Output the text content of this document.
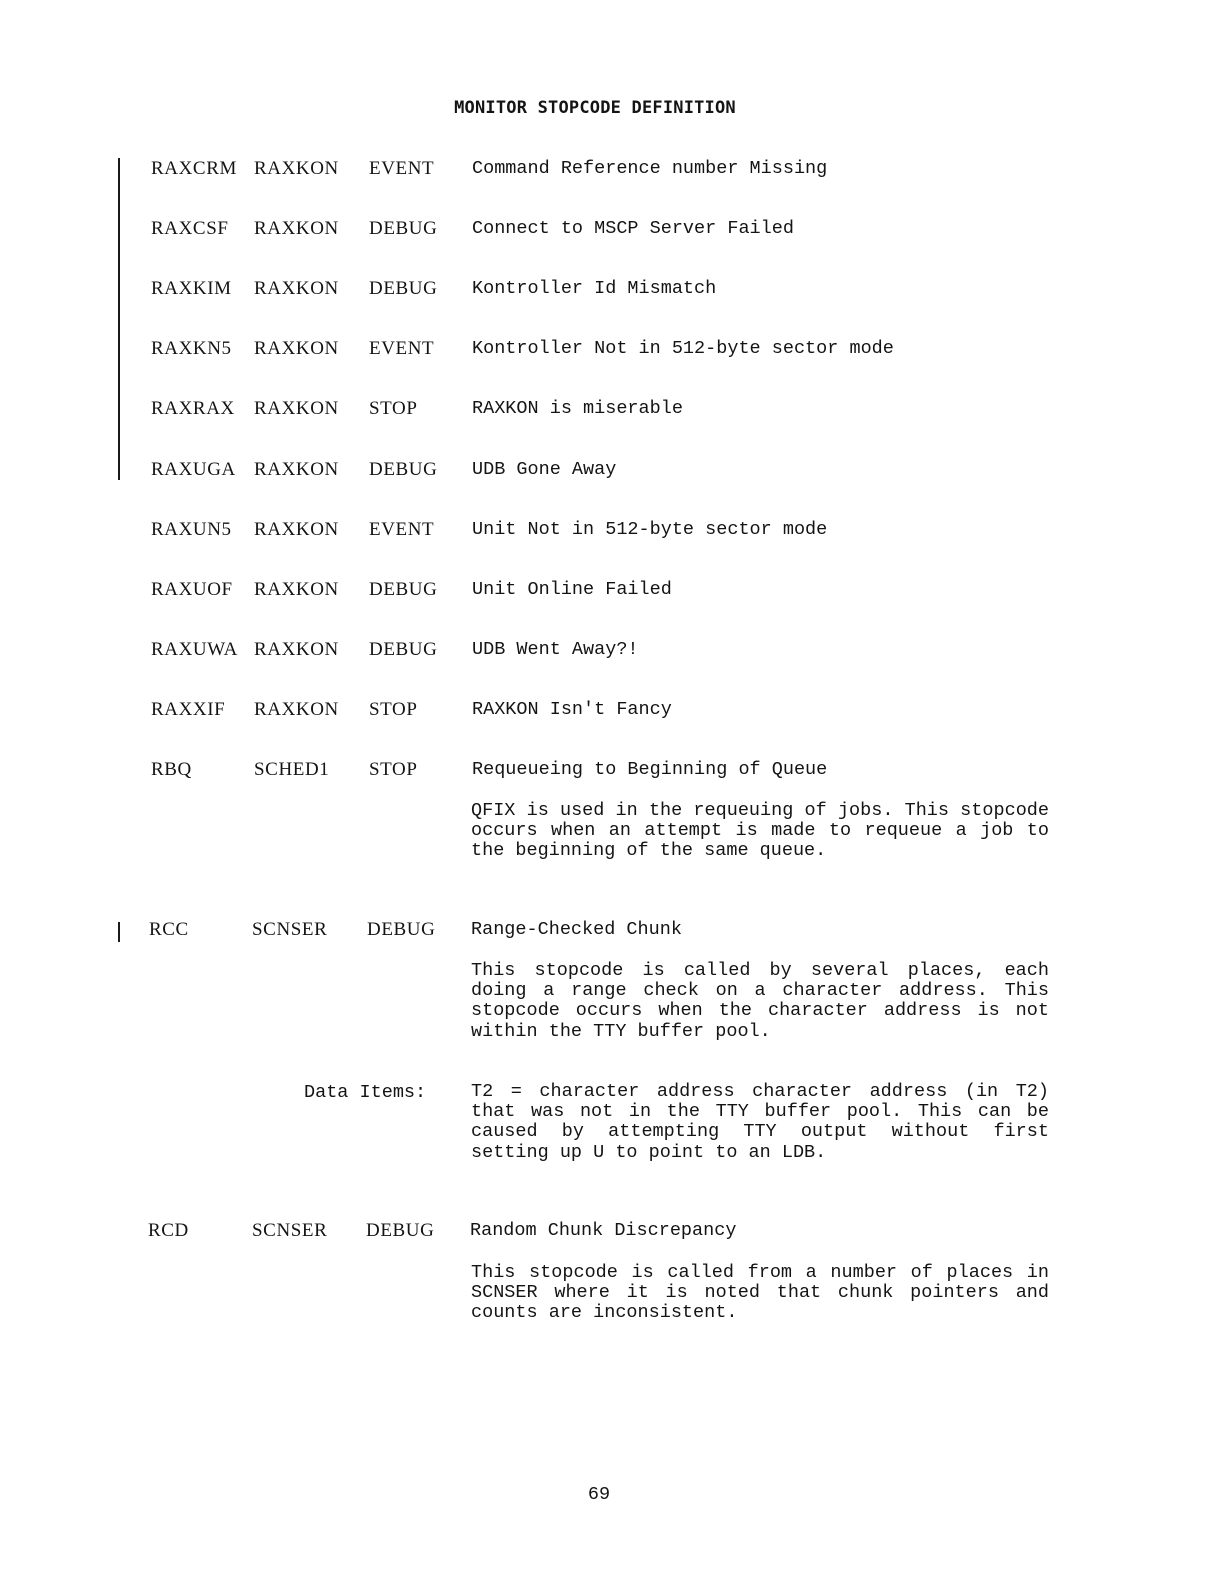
MONITOR STOPCODE DEFINITION
RAXCRM RAXKON EVENT Command Reference number Missing
RAXCSF RAXKON DEBUG Connect to MSCP Server Failed
RAXKIM RAXKON DEBUG Kontroller Id Mismatch
RAXKN5 RAXKON EVENT Kontroller Not in 512-byte sector mode
RAXRAX RAXKON STOP	RAXKON is miserable
RAXUGA RAXKON DEBUG UDB Gone Away
RAXUN5 RAXKON EVENT Unit Not in 512-byte sector mode
RAXUOF RAXKON DEBUG Unit Online Failed
RAXUWA RAXKON DEBUG UDB Went Away?!
RAXXIF RAXKON STOP	RAXKON Isn't Fancy
RBQ	SCHED1 STOP	Requeueing to Beginning of Queue
QFIX is used in the requeuing of jobs. This stopcode occurs when an attempt is made to requeue a job to the beginning of the same queue.
RCC	SCNSER DEBUG Range-Checked Chunk
This stopcode is called by several places, each doing a range check on a character address. This stopcode occurs when the character address is not within the TTY buffer pool.
Data Items: T2 = character address character address (in T2) that was not in the TTY buffer pool. This can be caused by attempting TTY output without first setting up U to point to an LDB.
RCD	SCNSER DEBUG Random Chunk Discrepancy
This stopcode is called from a number of places in SCNSER where it is noted that chunk pointers and counts are inconsistent.
69
